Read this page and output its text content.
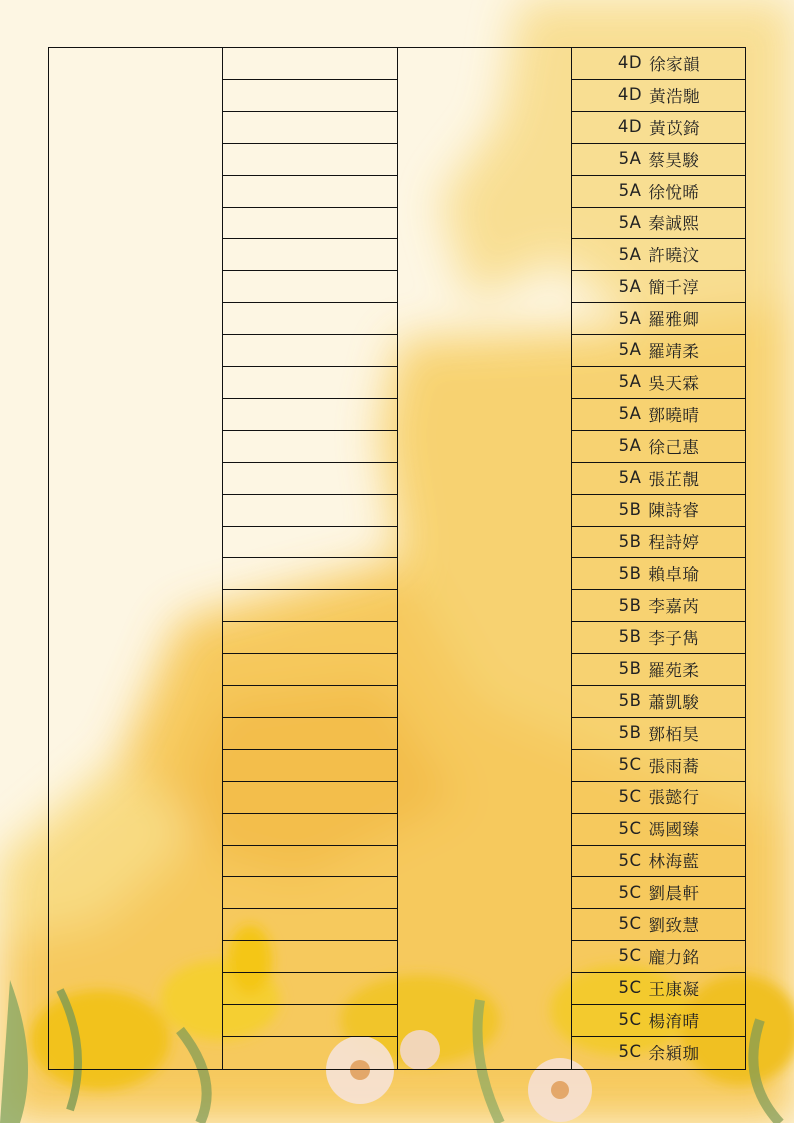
4D 徐家韻
4D 黃浩馳
4D 黃苡錡
5A 蔡昊駿
5A 徐悅晞
5A 秦誠熙
5A 許曉汶
5A 簡千淳
5A 羅雅卿
5A 羅靖柔
5A 吳天霖
5A 鄧曉晴
5A 徐己惠
5A 張芷靚
5B 陳詩睿
5B 程詩婷
5B 賴卓瑜
5B 李嘉芮
5B 李子雋
5B 羅苑柔
5B 蕭凱駿
5B 鄧栢昊
5C 張雨蕎
5C 張懿行
5C 馮國臻
5C 林海藍
5C 劉晨軒
5C 劉致慧
5C 龐力銘
5C 王康凝
5C 楊淯晴
5C 余潁珈
